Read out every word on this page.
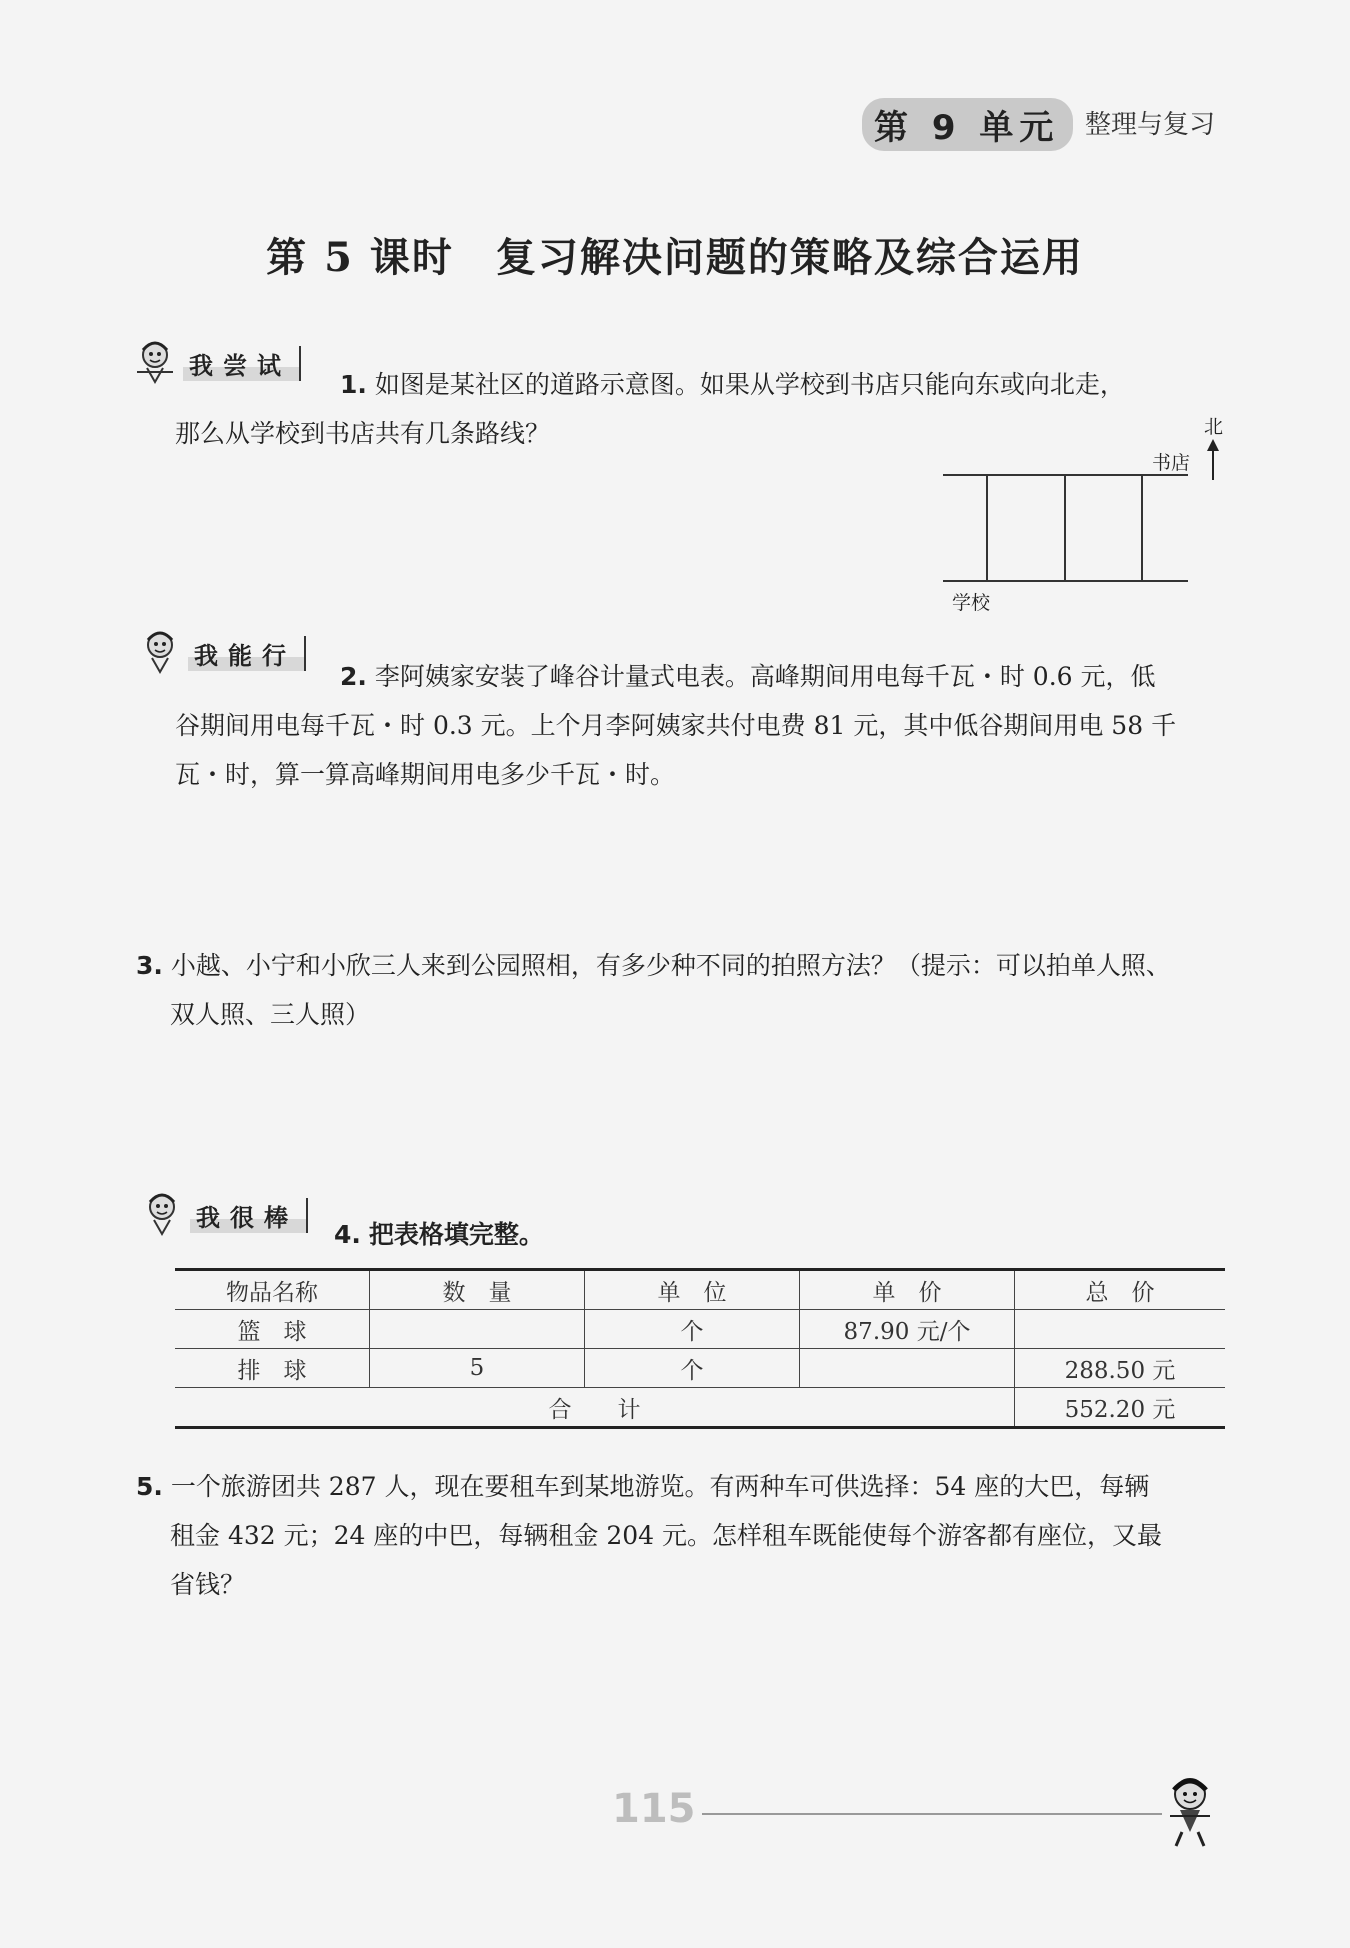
第 9 单元 整理与复习
第 5 课时　复习解决问题的策略及综合运用
我尝试
1. 如图是某社区的道路示意图。如果从学校到书店只能向东或向北走，
那么从学校到书店共有几条路线？	北
书店
学校
我能行
2. 李阿姨家安装了峰谷计量式电表。高峰期间用电每千瓦・时 0.6 元，低
谷期间用电每千瓦・时 0.3 元。上个月李阿姨家共付电费 81 元，其中低谷期间用电 58 千
瓦・时，算一算高峰期间用电多少千瓦・时。
3. 小越、小宁和小欣三人来到公园照相，有多少种不同的拍照方法？（提示：可以拍单人照、
双人照、三人照）
我很棒
4. 把表格填完整。
物品名称	数　量	单　位	单　价	总　价
篮　球		个	87.90 元/个	
排　球	5	个		288.50 元
合　　计				552.20 元
5. 一个旅游团共 287 人，现在要租车到某地游览。有两种车可供选择：54 座的大巴，每辆
租金 432 元；24 座的中巴，每辆租金 204 元。怎样租车既能使每个游客都有座位，又最
省钱？
115
